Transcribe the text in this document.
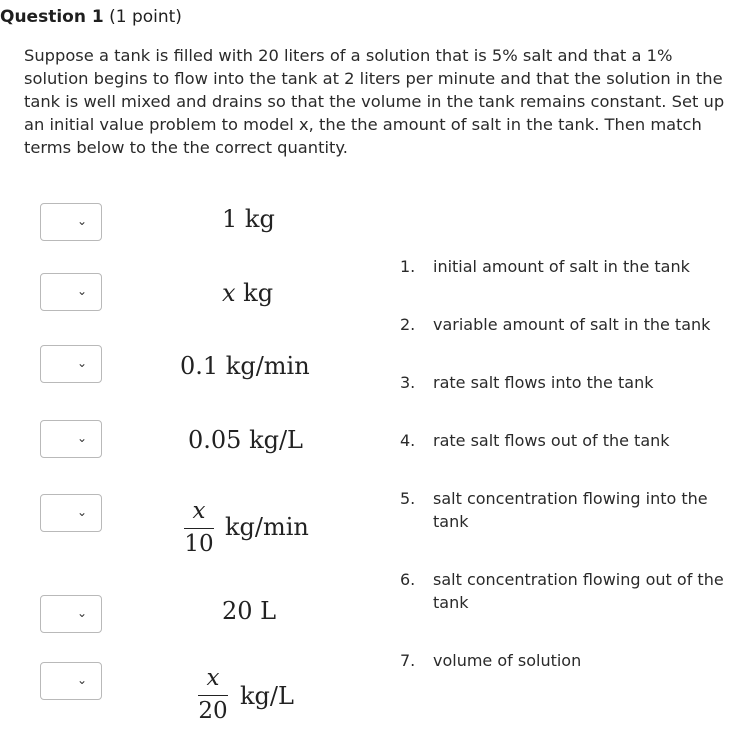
Question 1 (1 point)
Suppose a tank is filled with 20 liters of a solution that is 5% salt and that a 1% solution begins to flow into the tank at 2 liters per minute and that the solution in the tank is well mixed and drains so that the volume in the tank remains constant. Set up an initial value problem to model x, the the amount of salt in the tank. Then match terms below to the the correct quantity.
⌄
⌄
⌄
⌄
⌄
⌄
⌄
1 kg
x kg
0.1 kg/min
0.05 kg/L
x
10
kg/min
20 L
x
20
kg/L
1. initial amount of salt in the tank
2. variable amount of salt in the tank
3. rate salt flows into the tank
4. rate salt flows out of the tank
5. salt concentration flowing into the tank
6. salt concentration flowing out of the tank
7. volume of solution
